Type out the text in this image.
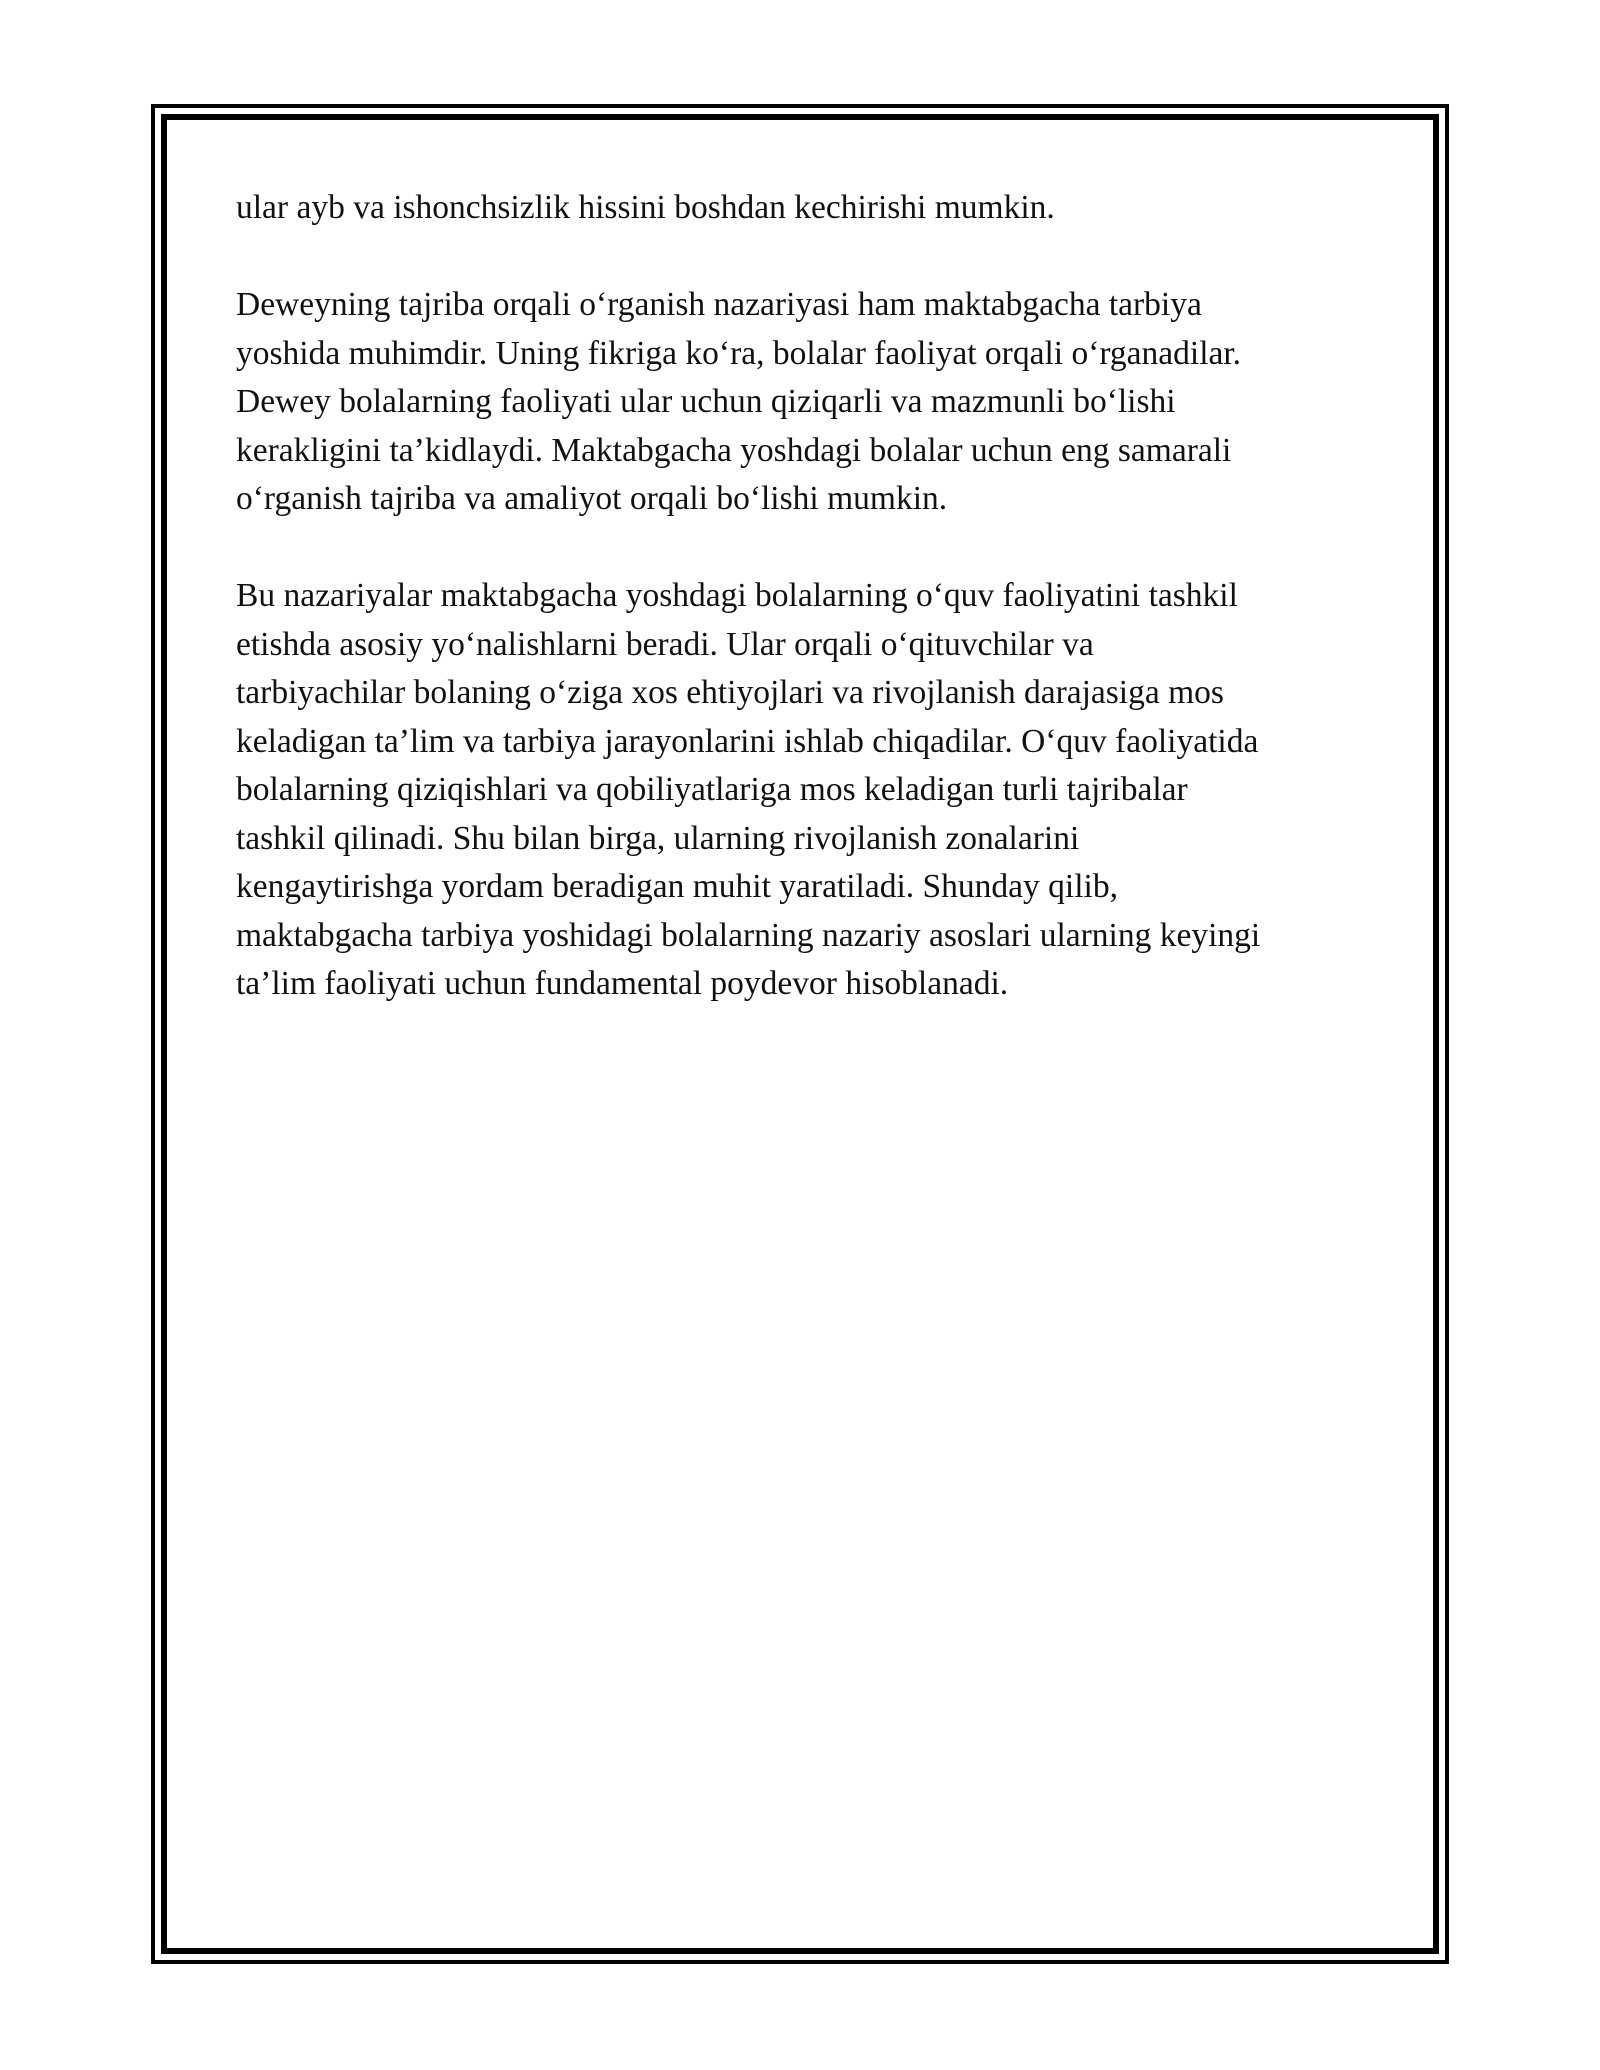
ular ayb va ishonchsizlik hissini boshdan kechirishi mumkin.

Deweyning tajriba orqali o‘rganish nazariyasi ham maktabgacha tarbiya
yoshida muhimdir. Uning fikriga ko‘ra, bolalar faoliyat orqali o‘rganadilar.
Dewey bolalarning faoliyati ular uchun qiziqarli va mazmunli bo‘lishi
kerakligini ta’kidlaydi. Maktabgacha yoshdagi bolalar uchun eng samarali
o‘rganish tajriba va amaliyot orqali bo‘lishi mumkin.

Bu nazariyalar maktabgacha yoshdagi bolalarning o‘quv faoliyatini tashkil
etishda asosiy yo‘nalishlarni beradi. Ular orqali o‘qituvchilar va
tarbiyachilar bolaning o‘ziga xos ehtiyojlari va rivojlanish darajasiga mos
keladigan ta’lim va tarbiya jarayonlarini ishlab chiqadilar. O‘quv faoliyatida
bolalarning qiziqishlari va qobiliyatlariga mos keladigan turli tajribalar
tashkil qilinadi. Shu bilan birga, ularning rivojlanish zonalarini
kengaytirishga yordam beradigan muhit yaratiladi. Shunday qilib,
maktabgacha tarbiya yoshidagi bolalarning nazariy asoslari ularning keyingi
ta’lim faoliyati uchun fundamental poydevor hisoblanadi.
